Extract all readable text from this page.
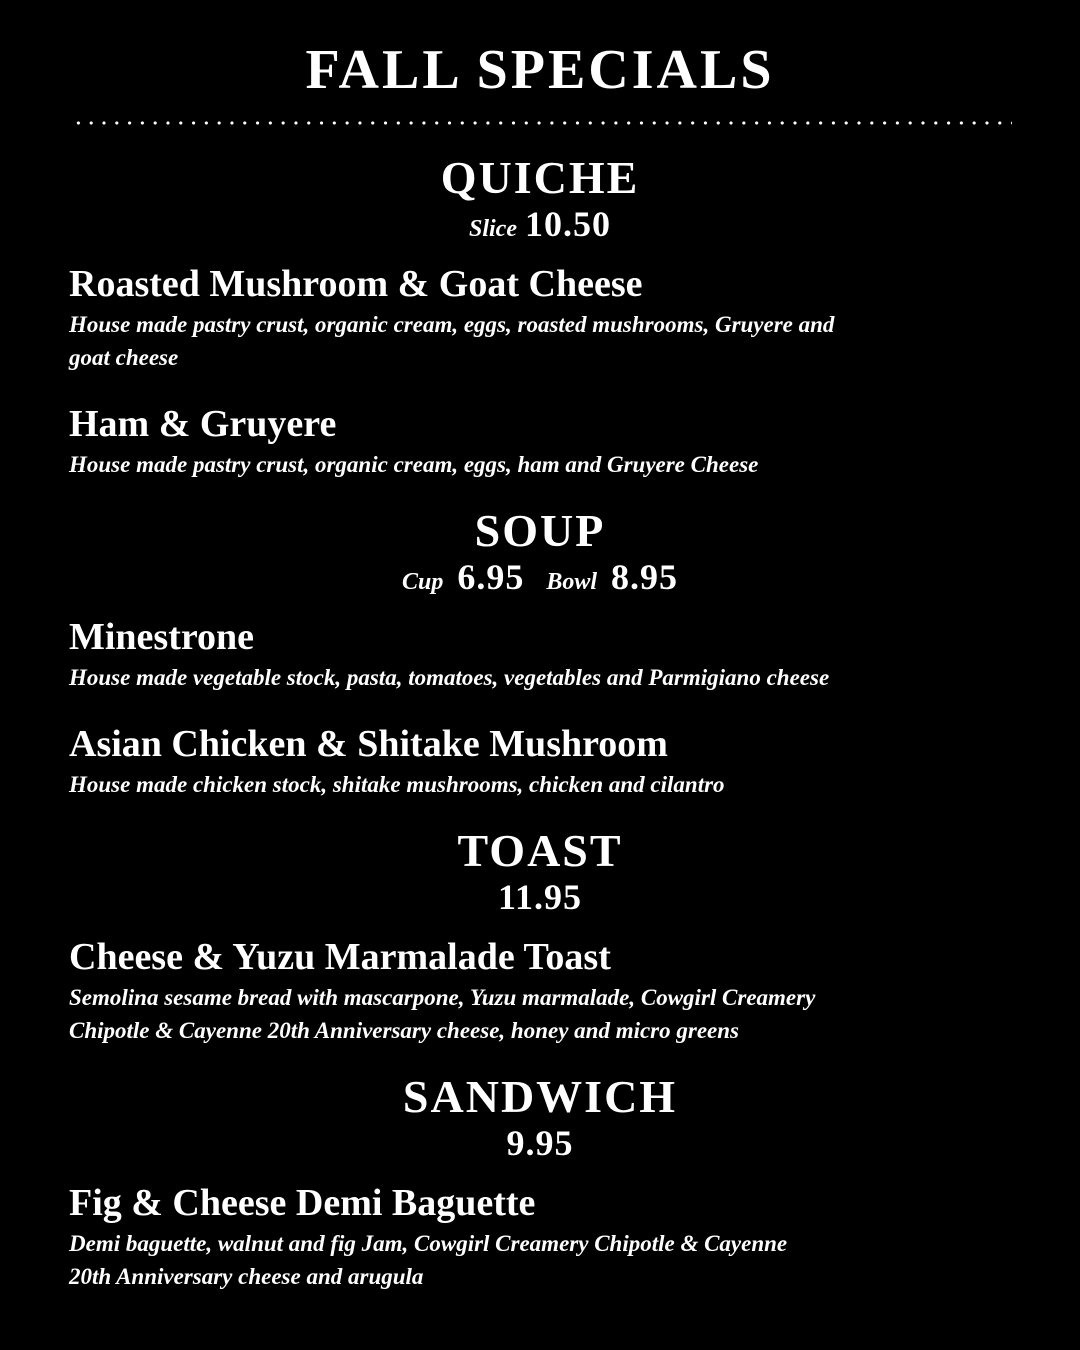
FALL SPECIALS
QUICHE
Slice 10.50
Roasted Mushroom & Goat Cheese
House made pastry crust, organic cream, eggs, roasted mushrooms, Gruyere and
goat cheese
Ham & Gruyere
House made pastry crust, organic cream, eggs, ham and Gruyere Cheese
SOUP
Cup 6.95 Bowl 8.95
Minestrone
House made vegetable stock, pasta, tomatoes, vegetables and Parmigiano cheese
Asian Chicken & Shitake Mushroom
House made chicken stock, shitake mushrooms, chicken and cilantro
TOAST
11.95
Cheese & Yuzu Marmalade Toast
Semolina sesame bread with mascarpone, Yuzu marmalade, Cowgirl Creamery
Chipotle & Cayenne 20th Anniversary cheese, honey and micro greens
SANDWICH
9.95
Fig & Cheese Demi Baguette
Demi baguette, walnut and fig Jam, Cowgirl Creamery Chipotle & Cayenne
20th Anniversary cheese and arugula
